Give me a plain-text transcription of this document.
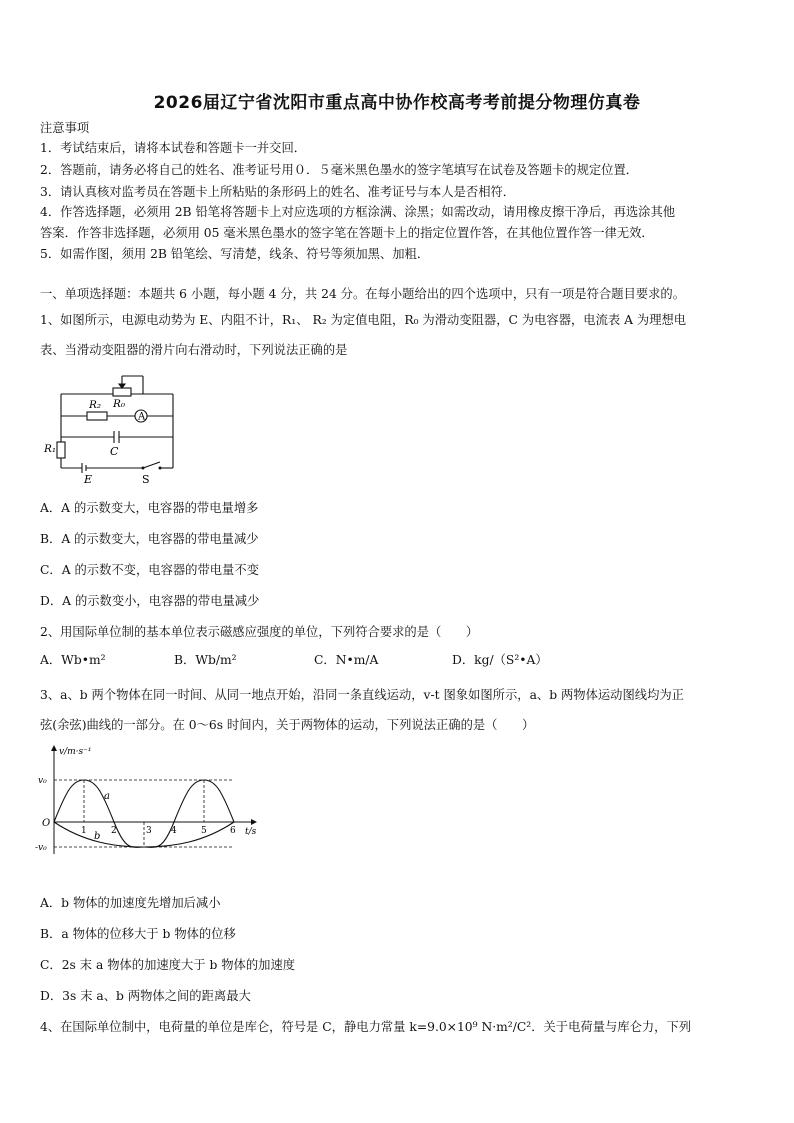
2026届辽宁省沈阳市重点高中协作校高考考前提分物理仿真卷
注意事项
1．考试结束后，请将本试卷和答题卡一并交回．
2．答题前，请务必将自己的姓名、准考证号用０．５毫米黑色墨水的签字笔填写在试卷及答题卡的规定位置．
3．请认真核对监考员在答题卡上所粘贴的条形码上的姓名、准考证号与本人是否相符．
4．作答选择题，必须用 2B 铅笔将答题卡上对应选项的方框涂满、涂黑；如需改动，请用橡皮擦干净后，再选涂其他
答案．作答非选择题，必须用 05 毫米黑色墨水的签字笔在答题卡上的指定位置作答，在其他位置作答一律无效．
5．如需作图，须用 2B 铅笔绘、写清楚，线条、符号等须加黑、加粗．
一、单项选择题：本题共 6 小题，每小题 4 分，共 24 分。在每小题给出的四个选项中，只有一项是符合题目要求的。
1、如图所示，电源电动势为 E、内阻不计，R₁、 R₂ 为定值电阻，R₀ 为滑动变阻器，C 为电容器，电流表 A 为理想电
表、当滑动变阻器的滑片向右滑动时，下列说法正确的是
A
R₂ R₀
C
R₁
E	S
A．A 的示数变大，电容器的带电量增多
B．A 的示数变大，电容器的带电量减少
C．A 的示数不变，电容器的带电量不变
D．A 的示数变小，电容器的带电量减少
2、用国际单位制的基本单位表示磁感应强度的单位，下列符合要求的是（　　）
A．Wb•m²	B．Wb/m²	C．N•m/A	D．kg/（S²•A）
3、a、b 两个物体在同一时间、从同一地点开始，沿同一条直线运动，v-t 图象如图所示，a、b 两物体运动图线均为正
弦(余弦)曲线的一部分。在 0～6s 时间内，关于两物体的运动，下列说法正确的是（　　）
v/m·s⁻¹
t/s
O
v₀
-v₀
1	2	3 4	5	6
a
b
A．b 物体的加速度先增加后减小
B．a 物体的位移大于 b 物体的位移
C．2s 末 a 物体的加速度大于 b 物体的加速度
D．3s 末 a、b 两物体之间的距离最大
4、在国际单位制中，电荷量的单位是库仑，符号是 C，静电力常量 k=9.0×10⁹ N·m²/C²．关于电荷量与库仑力，下列
